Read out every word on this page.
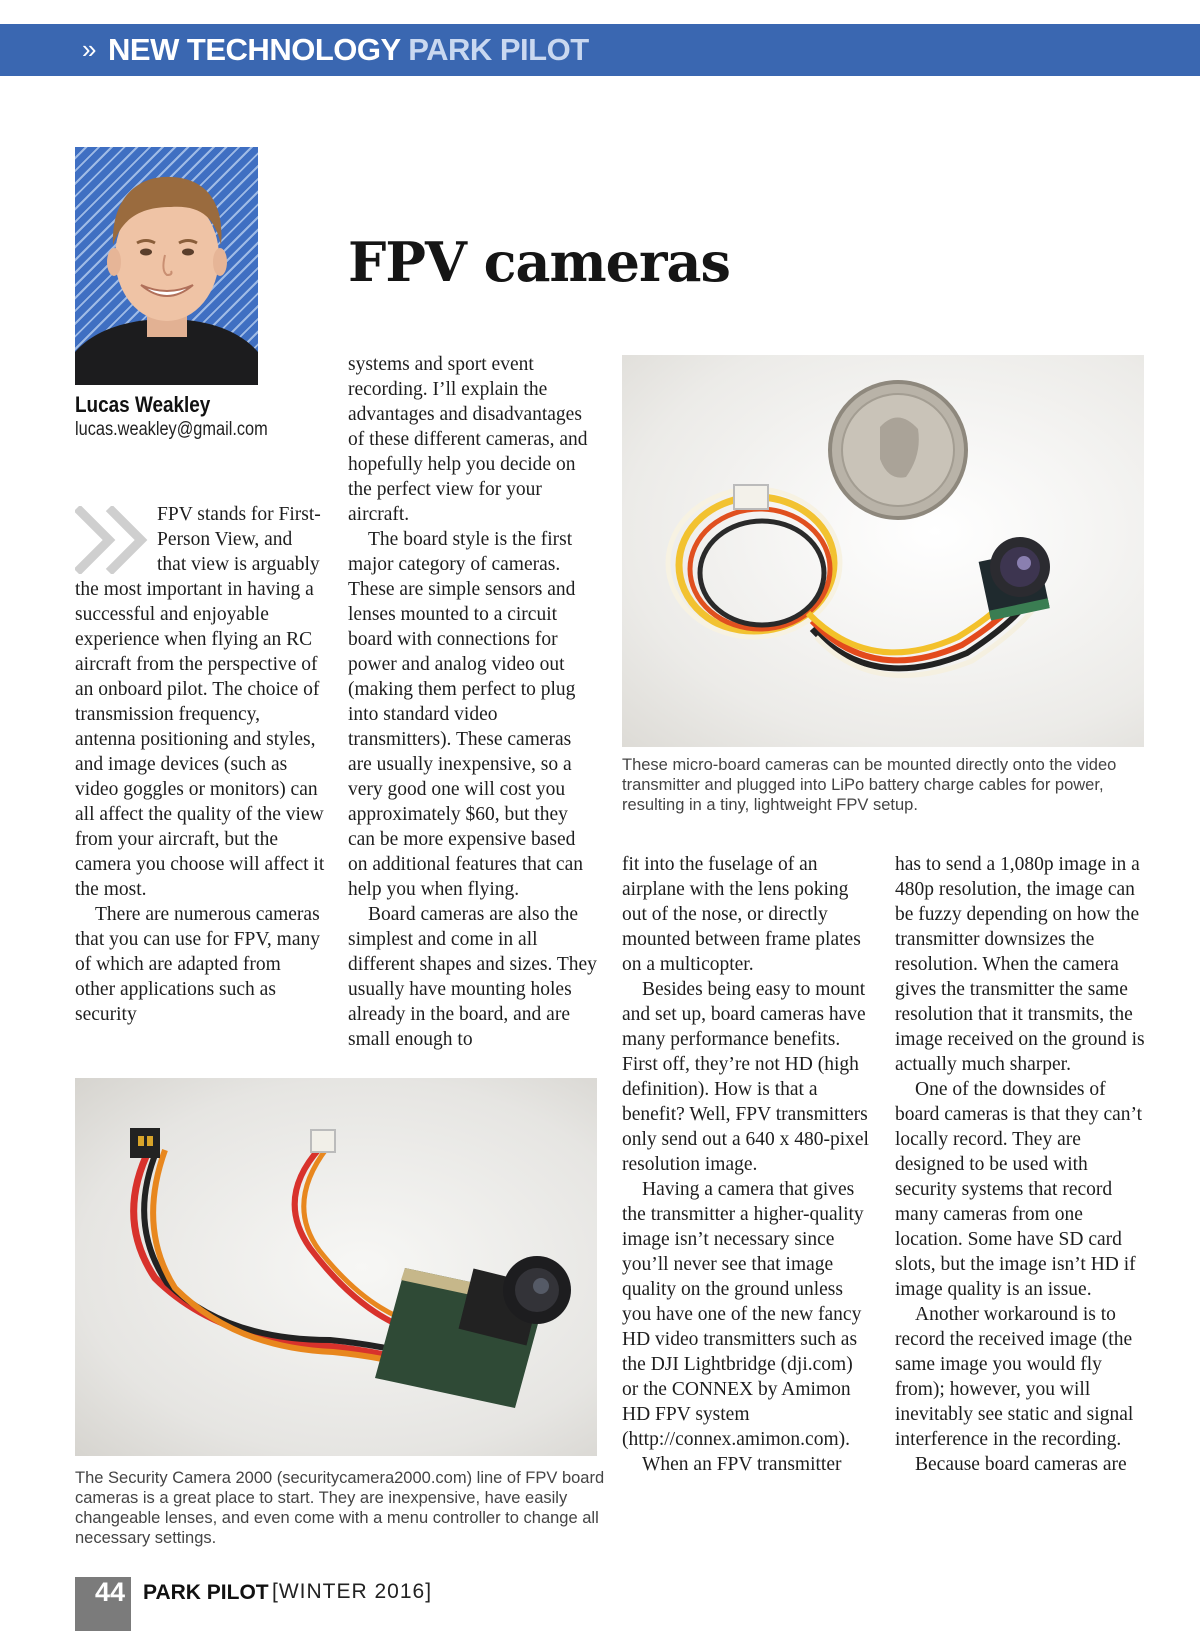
» NEW TECHNOLOGY PARK PILOT
Lucas Weakley
lucas.weakley@gmail.com
FPV cameras

FPV stands for First-Person View, and that view is arguably the most important in having a successful and enjoyable experience when flying an RC aircraft from the perspective of an onboard pilot. The choice of transmission frequency, antenna positioning and styles, and image devices (such as video goggles or monitors) can all affect the quality of the view from your aircraft, but the camera you choose will affect it the most.

There are numerous cameras that you can use for FPV, many of which are adapted from other applications such as security

systems and sport event recording. I’ll explain the advantages and disadvantages of these different cameras, and hopefully help you decide on the perfect view for your aircraft.

The board style is the first major category of cameras. These are simple sensors and lenses mounted to a circuit board with connections for power and analog video out (making them perfect to plug into standard video transmitters). These cameras are usually inexpensive, so a very good one will cost you approximately $60, but they can be more expensive based on additional features that can help you when flying.

Board cameras are also the simplest and come in all different shapes and sizes. They usually have mounting holes already in the board, and are small enough to

These micro-board cameras can be mounted directly onto the video transmitter and plugged into LiPo battery charge cables for power, resulting in a tiny, lightweight FPV setup.

fit into the fuselage of an airplane with the lens poking out of the nose, or directly mounted between frame plates on a multicopter.

Besides being easy to mount and set up, board cameras have many performance benefits. First off, they’re not HD (high definition). How is that a benefit? Well, FPV transmitters only send out a 640 x 480-pixel resolution image.

Having a camera that gives the transmitter a higher-quality image isn’t necessary since you’ll never see that image quality on the ground unless you have one of the new fancy HD video transmitters such as the DJI Lightbridge (dji.com) or the CONNEX by Amimon HD FPV system (http://connex.amimon.com).

When an FPV transmitter

has to send a 1,080p image in a 480p resolution, the image can be fuzzy depending on how the transmitter downsizes the resolution. When the camera gives the transmitter the same resolution that it transmits, the image received on the ground is actually much sharper.

One of the downsides of board cameras is that they can’t locally record. They are designed to be used with security systems that record many cameras from one location. Some have SD card slots, but the image isn’t HD if image quality is an issue.

Another workaround is to record the received image (the same image you would fly from); however, you will inevitably see static and signal interference in the recording.

Because board cameras are

The Security Camera 2000 (securitycamera2000.com) line of FPV board cameras is a great place to start. They are inexpensive, have easily changeable lenses, and even come with a menu controller to change all necessary settings.
44 PARK PILOT [WINTER 2016]
